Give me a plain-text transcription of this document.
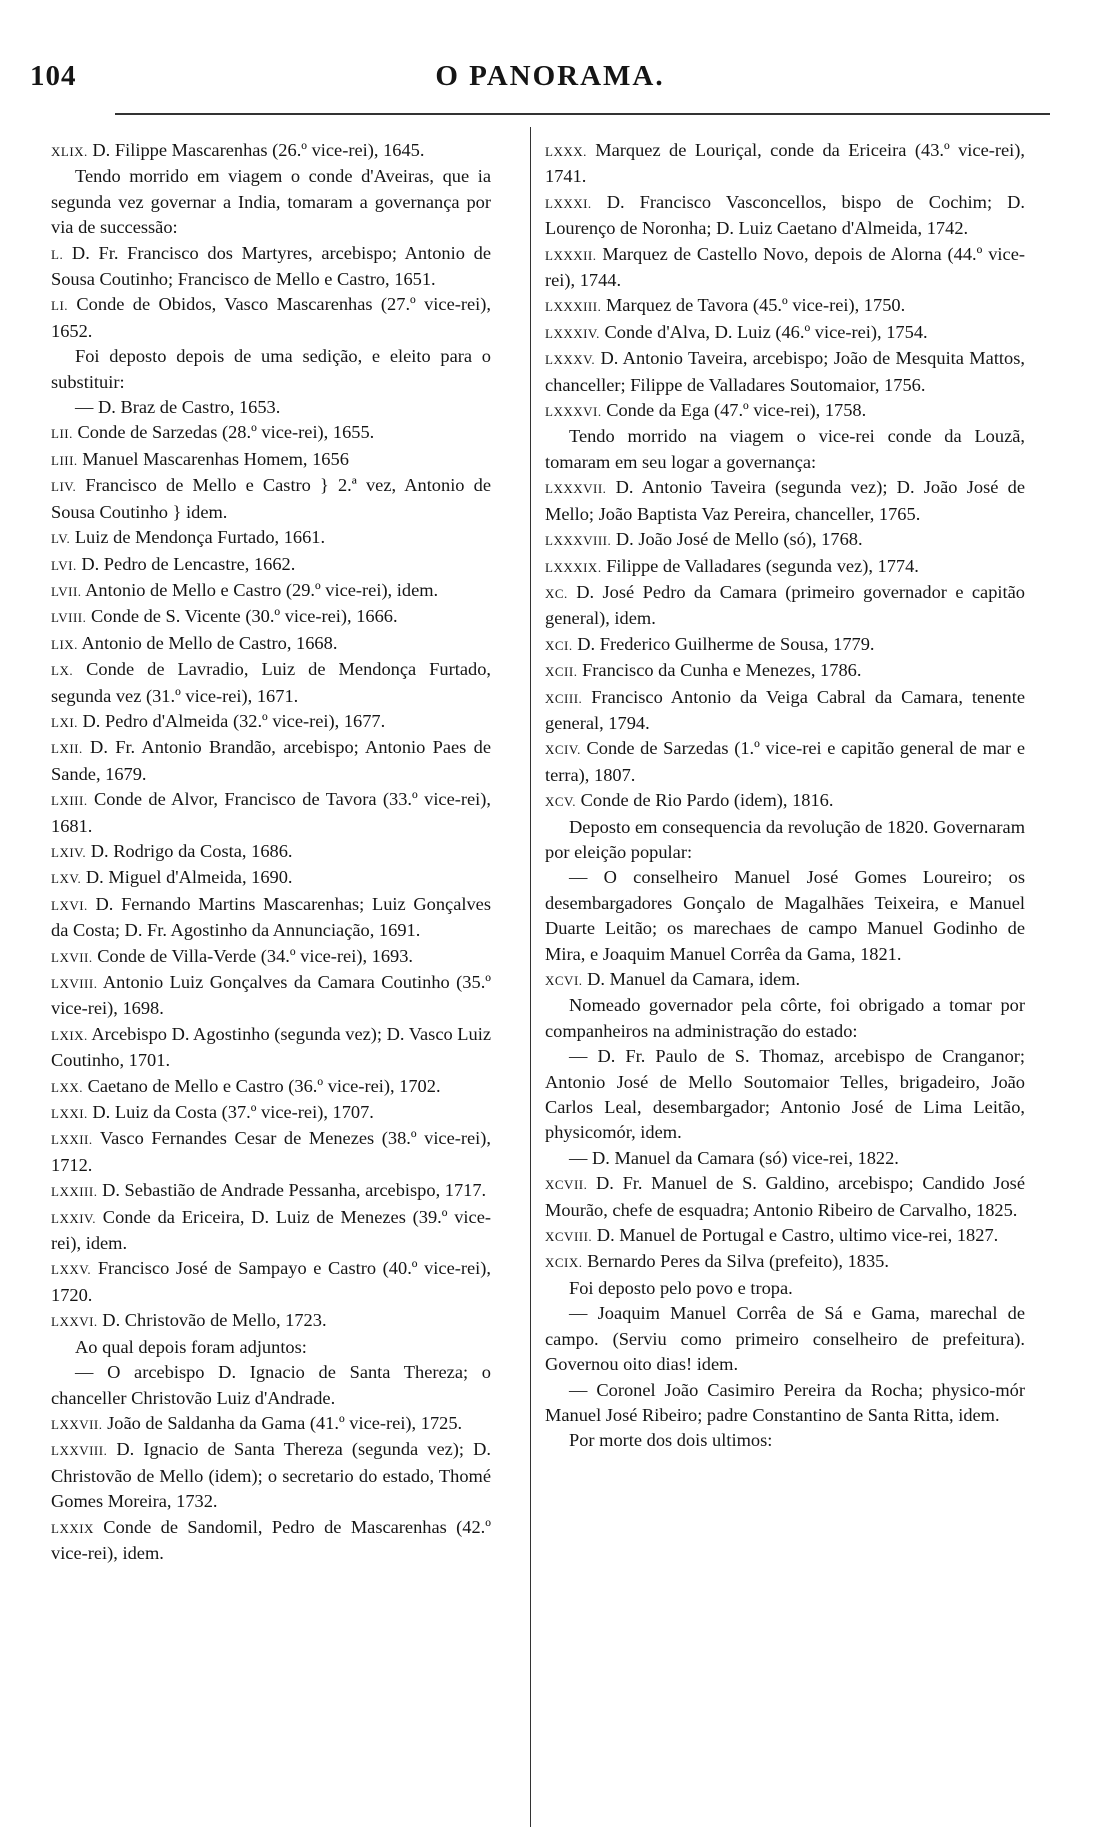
104	O PANORAMA.

XLIX. D. Filippe Mascarenhas (26.º vice-rei), 1645.

Tendo morrido em viagem o conde d'Aveiras, que ia segunda vez governar a India, tomaram a governança por via de successão:

L. D. Fr. Francisco dos Martyres, arcebispo; Antonio de Sousa Coutinho; Francisco de Mello e Castro, 1651.

LI. Conde de Obidos, Vasco Mascarenhas (27.º vice-rei), 1652.

Foi deposto depois de uma sedição, e eleito para o substituir:

— D. Braz de Castro, 1653.

LII. Conde de Sarzedas (28.º vice-rei), 1655.

LIII. Manuel Mascarenhas Homem, 1656

LIV. Francisco de Mello e Castro } 2.ª vez, Antonio de Sousa Coutinho } idem.

LV. Luiz de Mendonça Furtado, 1661.

LVI. D. Pedro de Lencastre, 1662.

LVII. Antonio de Mello e Castro (29.º vice-rei), idem.

LVIII. Conde de S. Vicente (30.º vice-rei), 1666.

LIX. Antonio de Mello de Castro, 1668.

LX. Conde de Lavradio, Luiz de Mendonça Furtado, segunda vez (31.º vice-rei), 1671.

LXI. D. Pedro d'Almeida (32.º vice-rei), 1677.

LXII. D. Fr. Antonio Brandão, arcebispo; Antonio Paes de Sande, 1679.

LXIII. Conde de Alvor, Francisco de Tavora (33.º vice-rei), 1681.

LXIV. D. Rodrigo da Costa, 1686.

LXV. D. Miguel d'Almeida, 1690.

LXVI. D. Fernando Martins Mascarenhas; Luiz Gonçalves da Costa; D. Fr. Agostinho da Annunciação, 1691.

LXVII. Conde de Villa-Verde (34.º vice-rei), 1693.

LXVIII. Antonio Luiz Gonçalves da Camara Coutinho (35.º vice-rei), 1698.

LXIX. Arcebispo D. Agostinho (segunda vez); D. Vasco Luiz Coutinho, 1701.

LXX. Caetano de Mello e Castro (36.º vice-rei), 1702.

LXXI. D. Luiz da Costa (37.º vice-rei), 1707.

LXXII. Vasco Fernandes Cesar de Menezes (38.º vice-rei), 1712.

LXXIII. D. Sebastião de Andrade Pessanha, arcebispo, 1717.

LXXIV. Conde da Ericeira, D. Luiz de Menezes (39.º vice-rei), idem.

LXXV. Francisco José de Sampayo e Castro (40.º vice-rei), 1720.

LXXVI. D. Christovão de Mello, 1723.

Ao qual depois foram adjuntos:

— O arcebispo D. Ignacio de Santa Thereza; o chanceller Christovão Luiz d'Andrade.

LXXVII. João de Saldanha da Gama (41.º vice-rei), 1725.

LXXVIII. D. Ignacio de Santa Thereza (segunda vez); D. Christovão de Mello (idem); o secretario do estado, Thomé Gomes Moreira, 1732.

LXXIX Conde de Sandomil, Pedro de Mascarenhas (42.º vice-rei), idem.

LXXX. Marquez de Louriçal, conde da Ericeira (43.º vice-rei), 1741.

LXXXI. D. Francisco Vasconcellos, bispo de Cochim; D. Lourenço de Noronha; D. Luiz Caetano d'Almeida, 1742.

LXXXII. Marquez de Castello Novo, depois de Alorna (44.º vice-rei), 1744.

LXXXIII. Marquez de Tavora (45.º vice-rei), 1750.

LXXXIV. Conde d'Alva, D. Luiz (46.º vice-rei), 1754.

LXXXV. D. Antonio Taveira, arcebispo; João de Mesquita Mattos, chanceller; Filippe de Valladares Soutomaior, 1756.

LXXXVI. Conde da Ega (47.º vice-rei), 1758.

Tendo morrido na viagem o vice-rei conde da Louzã, tomaram em seu logar a governança:

LXXXVII. D. Antonio Taveira (segunda vez); D. João José de Mello; João Baptista Vaz Pereira, chanceller, 1765.

LXXXVIII. D. João José de Mello (só), 1768.

LXXXIX. Filippe de Valladares (segunda vez), 1774.

XC. D. José Pedro da Camara (primeiro governador e capitão general), idem.

XCI. D. Frederico Guilherme de Sousa, 1779.

XCII. Francisco da Cunha e Menezes, 1786.

XCIII. Francisco Antonio da Veiga Cabral da Camara, tenente general, 1794.

XCIV. Conde de Sarzedas (1.º vice-rei e capitão general de mar e terra), 1807.

XCV. Conde de Rio Pardo (idem), 1816.

Deposto em consequencia da revolução de 1820. Governaram por eleição popular:

— O conselheiro Manuel José Gomes Loureiro; os desembargadores Gonçalo de Magalhães Teixeira, e Manuel Duarte Leitão; os marechaes de campo Manuel Godinho de Mira, e Joaquim Manuel Corrêa da Gama, 1821.

XCVI. D. Manuel da Camara, idem.

Nomeado governador pela côrte, foi obrigado a tomar por companheiros na administração do estado:

— D. Fr. Paulo de S. Thomaz, arcebispo de Cranganor; Antonio José de Mello Soutomaior Telles, brigadeiro, João Carlos Leal, desembargador; Antonio José de Lima Leitão, physicomór, idem.

— D. Manuel da Camara (só) vice-rei, 1822.

XCVII. D. Fr. Manuel de S. Galdino, arcebispo; Candido José Mourão, chefe de esquadra; Antonio Ribeiro de Carvalho, 1825.

XCVIII. D. Manuel de Portugal e Castro, ultimo vice-rei, 1827.

XCIX. Bernardo Peres da Silva (prefeito), 1835.

Foi deposto pelo povo e tropa.

— Joaquim Manuel Corrêa de Sá e Gama, marechal de campo. (Serviu como primeiro conselheiro de prefeitura). Governou oito dias! idem.

— Coronel João Casimiro Pereira da Rocha; physico-mór Manuel José Ribeiro; padre Constantino de Santa Ritta, idem.

Por morte dos dois ultimos:
